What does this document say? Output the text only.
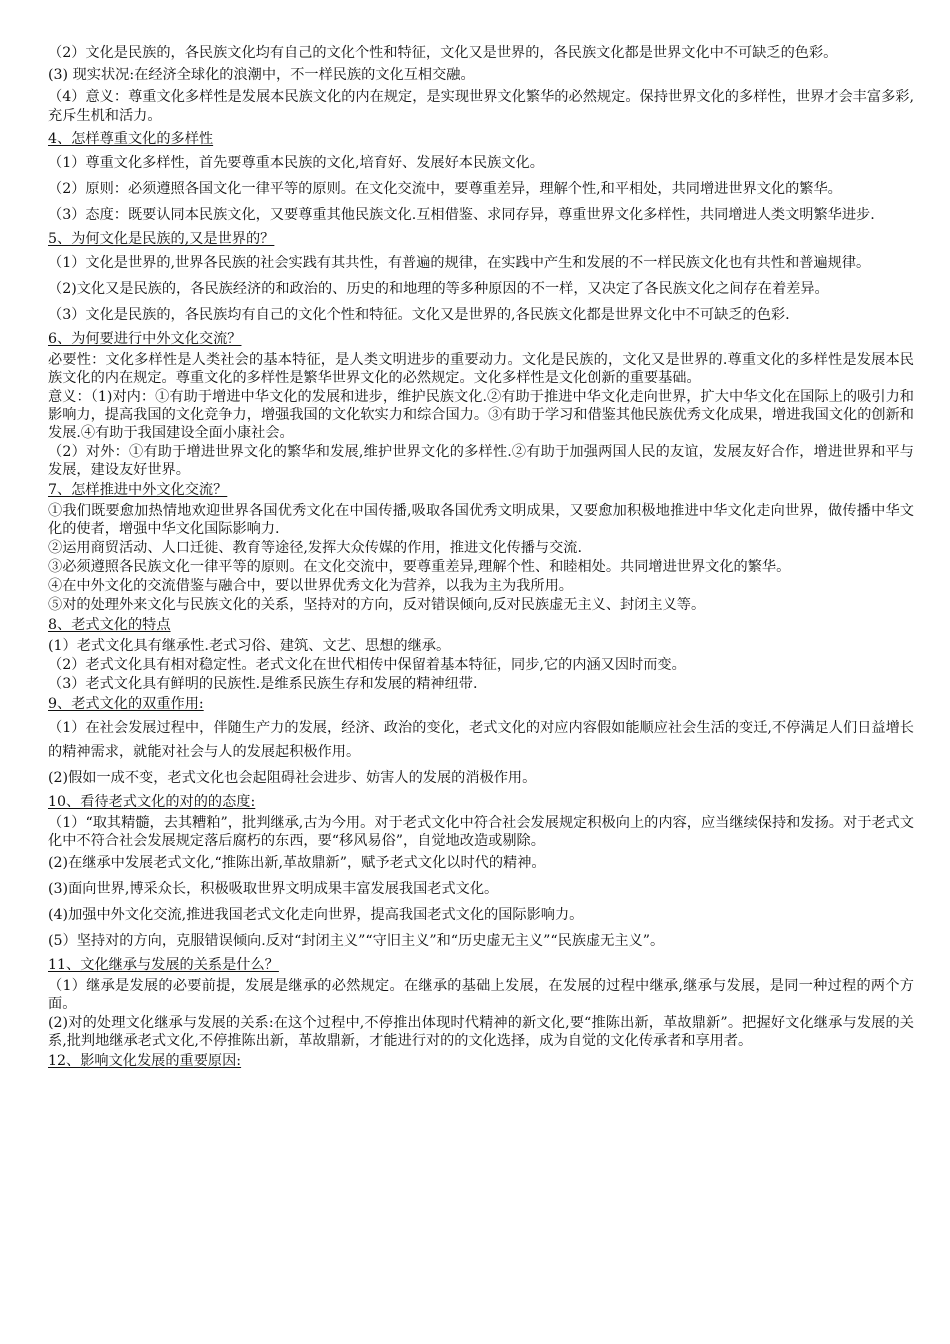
（2）文化是民族的，各民族文化均有自己的文化个性和特征，文化又是世界的，各民族文化都是世界文化中不可缺乏的色彩。

(3) 现实状况:在经济全球化的浪潮中，不一样民族的文化互相交融。

（4）意义：尊重文化多样性是发展本民族文化的内在规定，是实现世界文化繁华的必然规定。保持世界文化的多样性，世界才会丰富多彩,充斥生机和活力。

4、怎样尊重文化的多样性

（1）尊重文化多样性，首先要尊重本民族的文化,培育好、发展好本民族文化。

（2）原则：必须遵照各国文化一律平等的原则。在文化交流中，要尊重差异，理解个性,和平相处，共同增进世界文化的繁华。

（3）态度：既要认同本民族文化，又要尊重其他民族文化.互相借鉴、求同存异，尊重世界文化多样性，共同增进人类文明繁华进步.

5、为何文化是民族的,又是世界的？

（1）文化是世界的,世界各民族的社会实践有其共性，有普遍的规律，在实践中产生和发展的不一样民族文化也有共性和普遍规律。

（2)文化又是民族的，各民族经济的和政治的、历史的和地理的等多种原因的不一样，又决定了各民族文化之间存在着差异。

（3）文化是民族的，各民族均有自己的文化个性和特征。文化又是世界的,各民族文化都是世界文化中不可缺乏的色彩.

6、为何要进行中外文化交流？

必要性：文化多样性是人类社会的基本特征，是人类文明进步的重要动力。文化是民族的，文化又是世界的.尊重文化的多样性是发展本民族文化的内在规定。尊重文化的多样性是繁华世界文化的必然规定。文化多样性是文化创新的重要基础。

意义：（1)对内：①有助于增进中华文化的发展和进步，维护民族文化.②有助于推进中华文化走向世界，扩大中华文化在国际上的吸引力和影响力，提高我国的文化竞争力，增强我国的文化软实力和综合国力。③有助于学习和借鉴其他民族优秀文化成果，增进我国文化的创新和发展.④有助于我国建设全面小康社会。

（2）对外：①有助于增进世界文化的繁华和发展,维护世界文化的多样性.②有助于加强两国人民的友谊，发展友好合作，增进世界和平与发展，建设友好世界。

7、怎样推进中外文化交流？

①我们既要愈加热情地欢迎世界各国优秀文化在中国传播,吸取各国优秀文明成果，又要愈加积极地推进中华文化走向世界，做传播中华文化的使者，增强中华文化国际影响力.

②运用商贸活动、人口迁徙、教育等途径,发挥大众传媒的作用，推进文化传播与交流.

③必须遵照各民族文化一律平等的原则。在文化交流中，要尊重差异,理解个性、和睦相处。共同增进世界文化的繁华。

④在中外文化的交流借鉴与融合中，要以世界优秀文化为营养，以我为主为我所用。

⑤对的处理外来文化与民族文化的关系，坚持对的方向，反对错误倾向,反对民族虚无主义、封闭主义等。

8、老式文化的特点

(1）老式文化具有继承性.老式习俗、建筑、文艺、思想的继承。

（2）老式文化具有相对稳定性。老式文化在世代相传中保留着基本特征，同步,它的内涵又因时而变。

（3）老式文化具有鲜明的民族性.是维系民族生存和发展的精神纽带.

9、老式文化的双重作用:

（1）在社会发展过程中，伴随生产力的发展，经济、政治的变化，老式文化的对应内容假如能顺应社会生活的变迁,不停满足人们日益增长的精神需求，就能对社会与人的发展起积极作用。

(2)假如一成不变，老式文化也会起阻碍社会进步、妨害人的发展的消极作用。

10、看待老式文化的对的的态度:

（1）“取其精髓，去其糟粕”，批判继承,古为今用。对于老式文化中符合社会发展规定积极向上的内容，应当继续保持和发扬。对于老式文化中不符合社会发展规定落后腐朽的东西，要“移风易俗”，自觉地改造或剔除。

(2)在继承中发展老式文化,“推陈出新,革故鼎新”，赋予老式文化以时代的精神。

(3)面向世界,博采众长，积极吸取世界文明成果丰富发展我国老式文化。

(4)加强中外文化交流,推进我国老式文化走向世界，提高我国老式文化的国际影响力。

(5）坚持对的方向，克服错误倾向.反对“封闭主义”“守旧主义”和“历史虚无主义”“民族虚无主义”。

11、文化继承与发展的关系是什么？

（1）继承是发展的必要前提，发展是继承的必然规定。在继承的基础上发展，在发展的过程中继承,继承与发展，是同一种过程的两个方面。

(2)对的处理文化继承与发展的关系:在这个过程中,不停推出体现时代精神的新文化,要“推陈出新，革故鼎新”。把握好文化继承与发展的关系,批判地继承老式文化,不停推陈出新，革故鼎新，才能进行对的的文化选择，成为自觉的文化传承者和享用者。

12、影响文化发展的重要原因:
